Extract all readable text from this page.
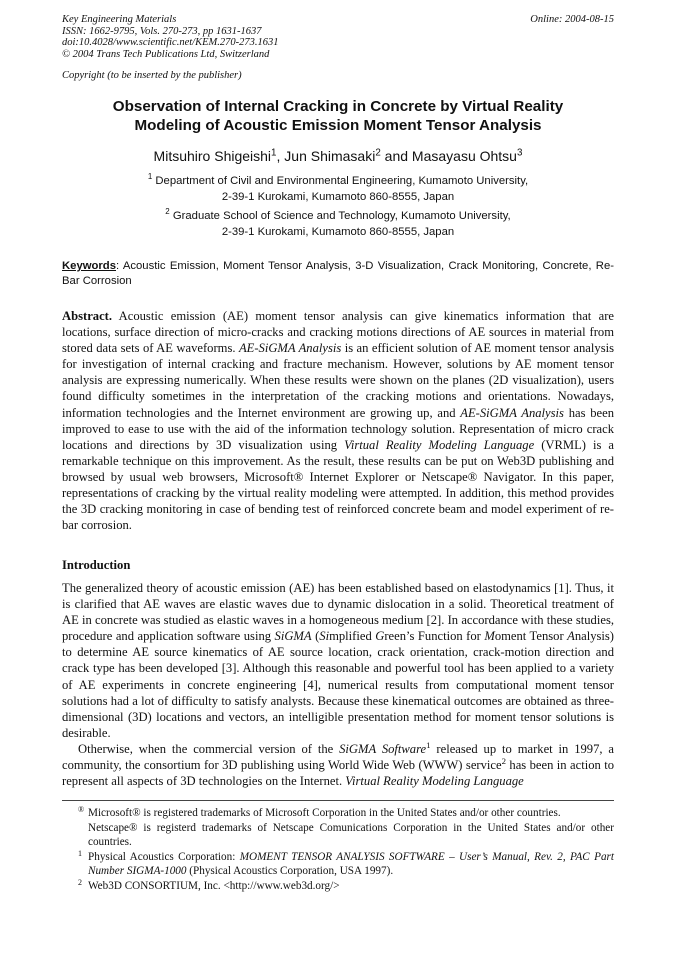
Online: 2004-08-15
Key Engineering Materials
ISSN: 1662-9795, Vols. 270-273, pp 1631-1637
doi:10.4028/www.scientific.net/KEM.270-273.1631
© 2004 Trans Tech Publications Ltd, Switzerland
Copyright (to be inserted by the publisher)
Observation of Internal Cracking in Concrete by Virtual Reality
Modeling of Acoustic Emission Moment Tensor Analysis
Mitsuhiro Shigeishi$^1$, Jun Shimasaki$^2$ and Masayasu Ohtsu$^3$
$^1$ Department of Civil and Environmental Engineering, Kumamoto University,
2-39-1 Kurokami, Kumamoto 860-8555, Japan
$^2$ Graduate School of Science and Technology, Kumamoto University,
2-39-1 Kurokami, Kumamoto 860-8555, Japan
Keywords: Acoustic Emission, Moment Tensor Analysis, 3-D Visualization, Crack Monitoring, Concrete, Re-Bar Corrosion

Abstract. Acoustic emission (AE) moment tensor analysis can give kinematics information that are locations, surface direction of micro-cracks and cracking motions directions of AE sources in material from stored data sets of AE waveforms. AE-SiGMA Analysis is an efficient solution of AE moment tensor analysis for investigation of internal cracking and fracture mechanism. However, solutions by AE moment tensor analysis are expressing numerically. When these results were shown on the planes (2D visualization), users found difficulty sometimes in the interpretation of the cracking motions and orientations. Nowadays, information technologies and the Internet environment are growing up, and AE-SiGMA Analysis has been improved to ease to use with the aid of the information technology solution. Representation of micro crack locations and directions by 3D visualization using Virtual Reality Modeling Language (VRML) is a remarkable technique on this improvement. As the result, these results can be put on Web3D publishing and browsed by usual web browsers, Microsoft® Internet Explorer or Netscape® Navigator. In this paper, representations of cracking by the virtual reality modeling were attempted. In addition, this method provides the 3D cracking monitoring in case of bending test of reinforced concrete beam and model experiment of re-bar corrosion.

Introduction

The generalized theory of acoustic emission (AE) has been established based on elastodynamics [1]. Thus, it is clarified that AE waves are elastic waves due to dynamic dislocation in a solid. Theoretical treatment of AE in concrete was studied as elastic waves in a homogeneous medium [2]. In accordance with these studies, procedure and application software using SiGMA (Simplified Green’s Function for Moment Tensor Analysis) to determine AE source kinematics of AE source location, crack orientation, crack-motion direction and crack type has been developed [3]. Although this reasonable and powerful tool has been applied to a variety of AE experiments in concrete engineering [4], numerical results from computational moment tensor solutions had a lot of difficulty to satisfy analysts. Because these kinematical outcomes are obtained as three-dimensional (3D) locations and vectors, an intelligible presentation method for moment tensor solutions is desirable.

Otherwise, when the commercial version of the SiGMA Software$^1$ released up to market in 1997, a community, the consortium for 3D publishing using World Wide Web (WWW) service$^2$ has been in action to represent all aspects of 3D technologies on the Internet. Virtual Reality Modeling Language

® Microsoft® is registered trademarks of Microsoft Corporation in the United States and/or other countries.
Netscape® is registerd trademarks of Netscape Comunications Corporation in the United States and/or other countries.
1 Physical Acoustics Corporation: MOMENT TENSOR ANALYSIS SOFTWARE – User’s Manual, Rev. 2, PAC Part Number SIGMA-1000 (Physical Acoustics Corporation, USA 1997).
2 Web3D CONSORTIUM, Inc. <http://www.web3d.org/>
